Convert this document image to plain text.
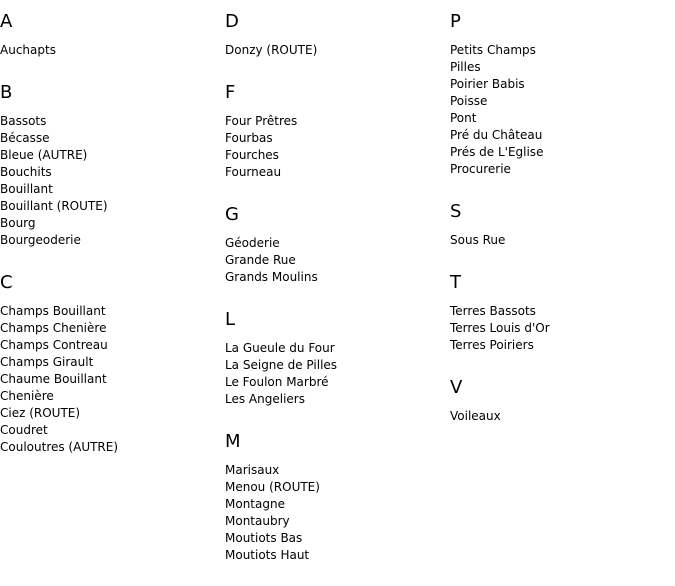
A
Auchapts
B
Bassots
Bécasse
Bleue (AUTRE)
Bouchits
Bouillant
Bouillant (ROUTE)
Bourg
Bourgeoderie
C
Champs Bouillant
Champs Chenière
Champs Contreau
Champs Girault
Chaume Bouillant
Chenière
Ciez (ROUTE)
Coudret
Couloutres (AUTRE)
D
Donzy (ROUTE)
F
Four Prêtres
Fourbas
Fourches
Fourneau
G
Géoderie
Grande Rue
Grands Moulins
L
La Gueule du Four
La Seigne de Pilles
Le Foulon Marbré
Les Angeliers
M
Marisaux
Menou (ROUTE)
Montagne
Montaubry
Moutiots Bas
Moutiots Haut
P
Petits Champs
Pilles
Poirier Babis
Poisse
Pont
Pré du Château
Prés de L'Eglise
Procurerie
S
Sous Rue
T
Terres Bassots
Terres Louis d'Or
Terres Poiriers
V
Voileaux
